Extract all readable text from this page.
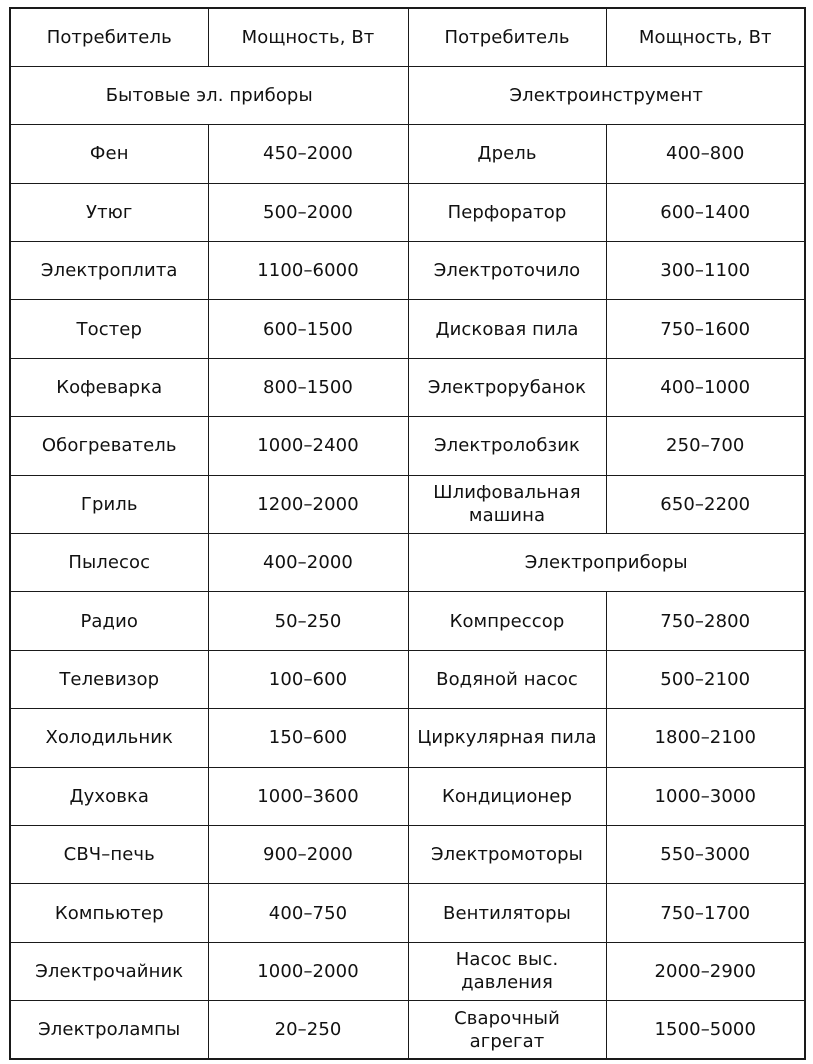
Потребитель	Мощность, Вт	Потребитель	Мощность, Вт
Бытовые эл. приборы		Электроинструмент	
Фен	450–2000	Дрель	400–800
Утюг	500–2000	Перфоратор	600–1400
Электроплита	1100–6000	Электроточило	300–1100
Тостер	600–1500	Дисковая пила	750–1600
Кофеварка	800–1500	Электрорубанок	400–1000
Обогреватель	1000–2400	Электролобзик	250–700
Гриль	1200–2000	Шлифовальная машина	650–2200
Пылесос	400–2000	Электроприборы	
Радио	50–250	Компрессор	750–2800
Телевизор	100–600	Водяной насос	500–2100
Холодильник	150–600	Циркулярная пила	1800–2100
Духовка	1000–3600	Кондиционер	1000–3000
СВЧ–печь	900–2000	Электромоторы	550–3000
Компьютер	400–750	Вентиляторы	750–1700
Электрочайник	1000–2000	Насос выс. давления	2000–2900
Электролампы	20–250	Сварочный агрегат	1500–5000
